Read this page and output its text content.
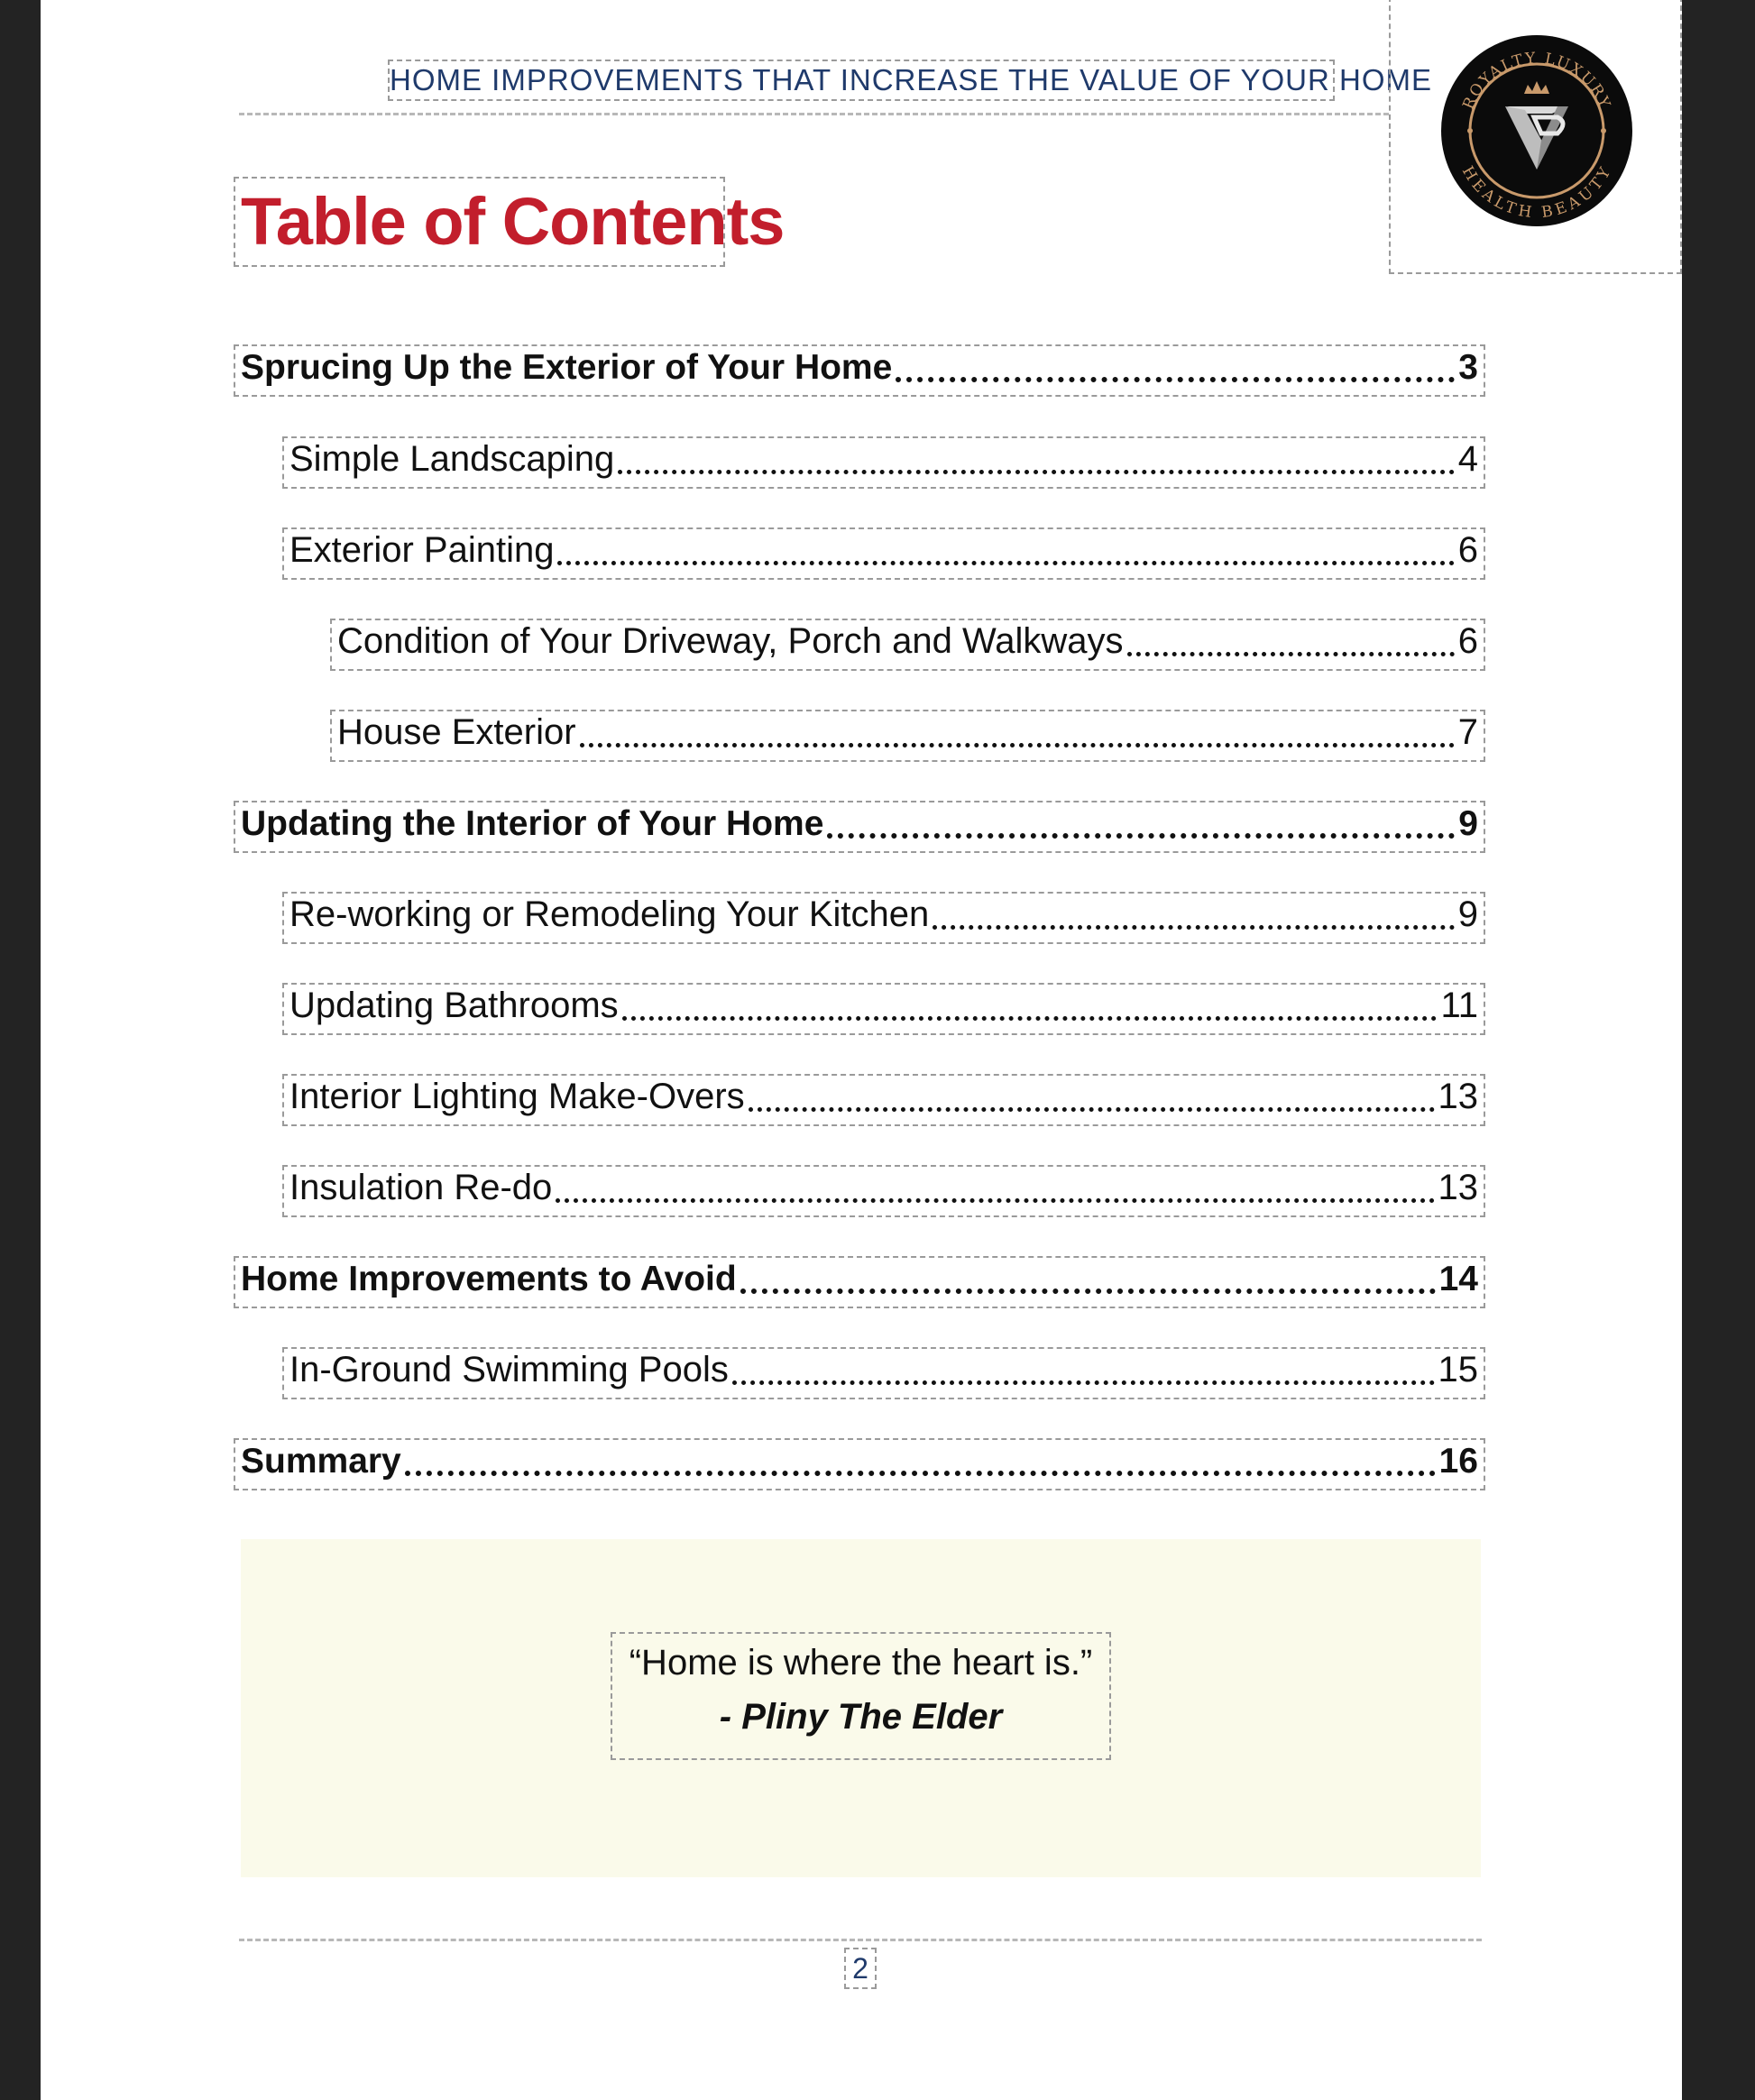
HOME IMPROVEMENTS THAT INCREASE THE VALUE OF YOUR HOME
ROYALTY LUXURY
HEALTH BEAUTY
Table of Contents
Sprucing Up the Exterior of Your Home	3
Simple Landscaping	4
Exterior Painting	6
Condition of Your Driveway, Porch and Walkways	6
House Exterior	7
Updating the Interior of Your Home	9
Re-working or Remodeling Your Kitchen	9
Updating Bathrooms	11
Interior Lighting Make-Overs	13
Insulation Re-do	13
Home Improvements to Avoid	14
In-Ground Swimming Pools	15
Summary	16
“Home is where the heart is.”
- Pliny The Elder
2
